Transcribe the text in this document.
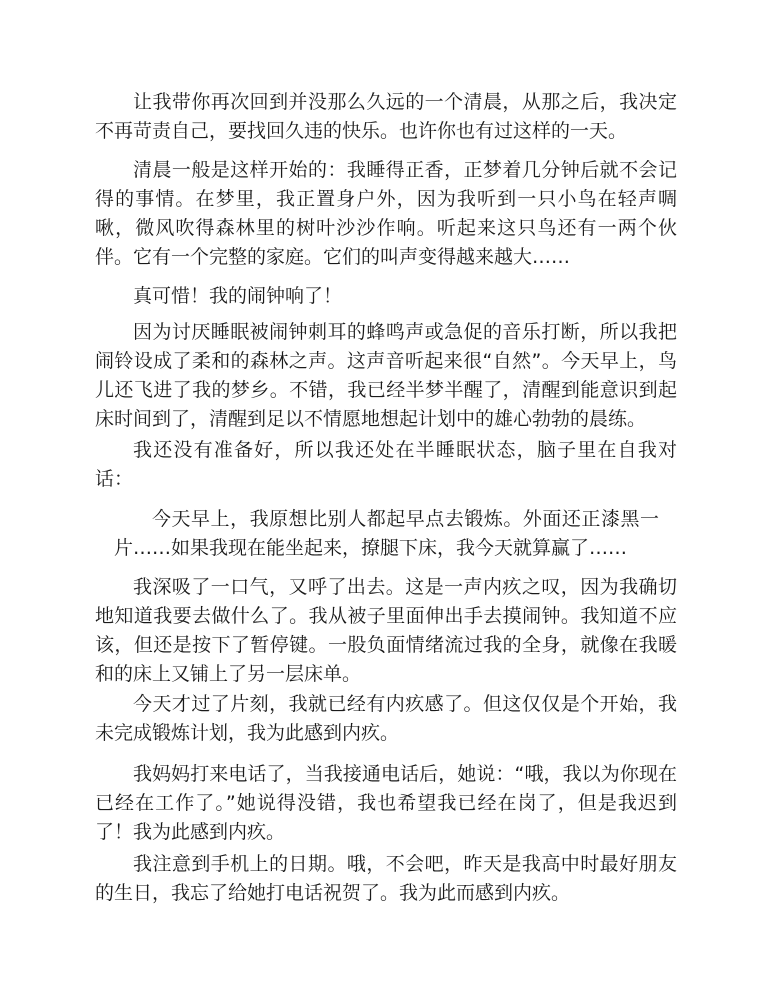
让我带你再次回到并没那么久远的一个清晨，从那之后，我决定不再苛责自己，要找回久违的快乐。也许你也有过这样的一天。

清晨一般是这样开始的：我睡得正香，正梦着几分钟后就不会记得的事情。在梦里，我正置身户外，因为我听到一只小鸟在轻声啁啾，微风吹得森林里的树叶沙沙作响。听起来这只鸟还有一两个伙伴。它有一个完整的家庭。它们的叫声变得越来越大……

真可惜！我的闹钟响了！

因为讨厌睡眠被闹钟刺耳的蜂鸣声或急促的音乐打断，所以我把闹铃设成了柔和的森林之声。这声音听起来很“自然”。今天早上，鸟儿还飞进了我的梦乡。不错，我已经半梦半醒了，清醒到能意识到起床时间到了，清醒到足以不情愿地想起计划中的雄心勃勃的晨练。

我还没有准备好，所以我还处在半睡眠状态，脑子里在自我对话：

今天早上，我原想比别人都起早点去锻炼。外面还正漆黑一片……如果我现在能坐起来，撩腿下床，我今天就算赢了……

我深吸了一口气，又呼了出去。这是一声内疚之叹，因为我确切地知道我要去做什么了。我从被子里面伸出手去摸闹钟。我知道不应该，但还是按下了暂停键。一股负面情绪流过我的全身，就像在我暖和的床上又铺上了另一层床单。

今天才过了片刻，我就已经有内疚感了。但这仅仅是个开始，我未完成锻炼计划，我为此感到内疚。

我妈妈打来电话了，当我接通电话后，她说：“哦，我以为你现在已经在工作了。”她说得没错，我也希望我已经在岗了，但是我迟到了！我为此感到内疚。

我注意到手机上的日期。哦，不会吧，昨天是我高中时最好朋友的生日，我忘了给她打电话祝贺了。我为此而感到内疚。
